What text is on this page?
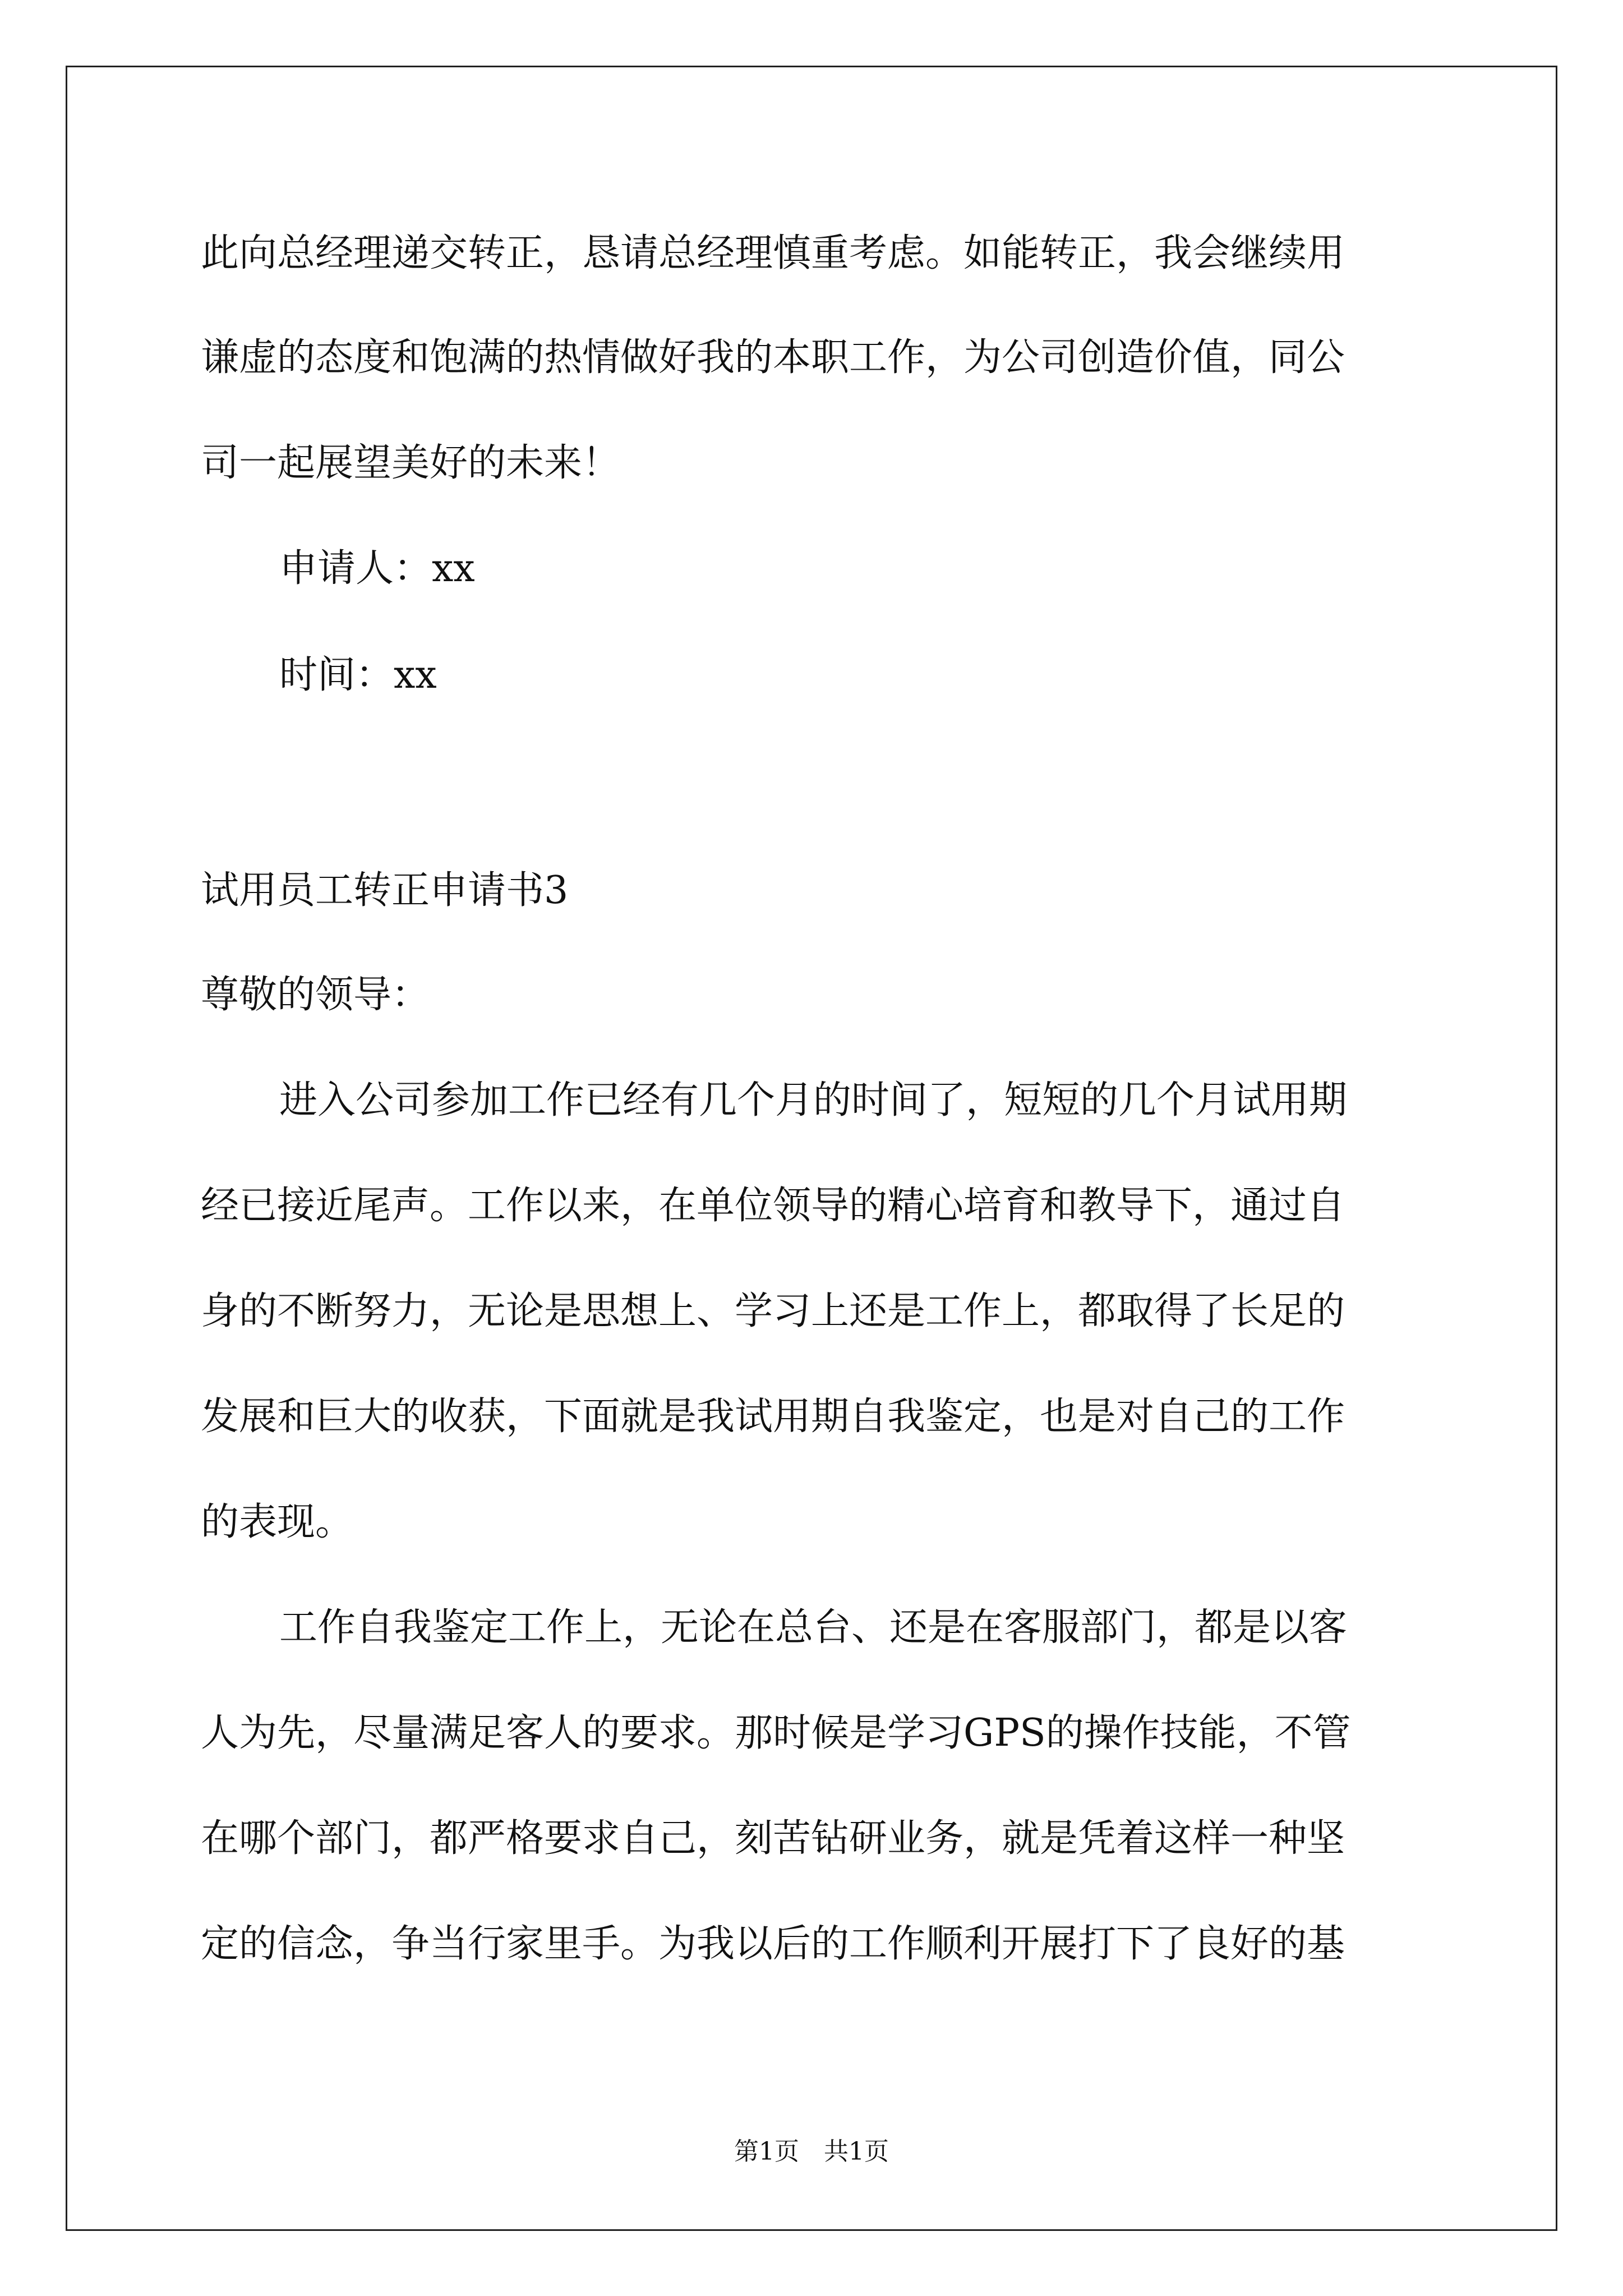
此向总经理递交转正，恳请总经理慎重考虑。如能转正，我会继续用
谦虚的态度和饱满的热情做好我的本职工作，为公司创造价值，同公
司一起展望美好的未来！
申请人：xx
时间：xx
试用员工转正申请书3
尊敬的领导：
进入公司参加工作已经有几个月的时间了，短短的几个月试用期
经已接近尾声。工作以来，在单位领导的精心培育和教导下，通过自
身的不断努力，无论是思想上、学习上还是工作上，都取得了长足的
发展和巨大的收获，下面就是我试用期自我鉴定，也是对自己的工作
的表现。
工作自我鉴定工作上，无论在总台、还是在客服部门，都是以客
人为先，尽量满足客人的要求。那时候是学习GPS的操作技能，不管
在哪个部门，都严格要求自己，刻苦钻研业务，就是凭着这样一种坚
定的信念，争当行家里手。为我以后的工作顺利开展打下了良好的基
第1页　共1页
